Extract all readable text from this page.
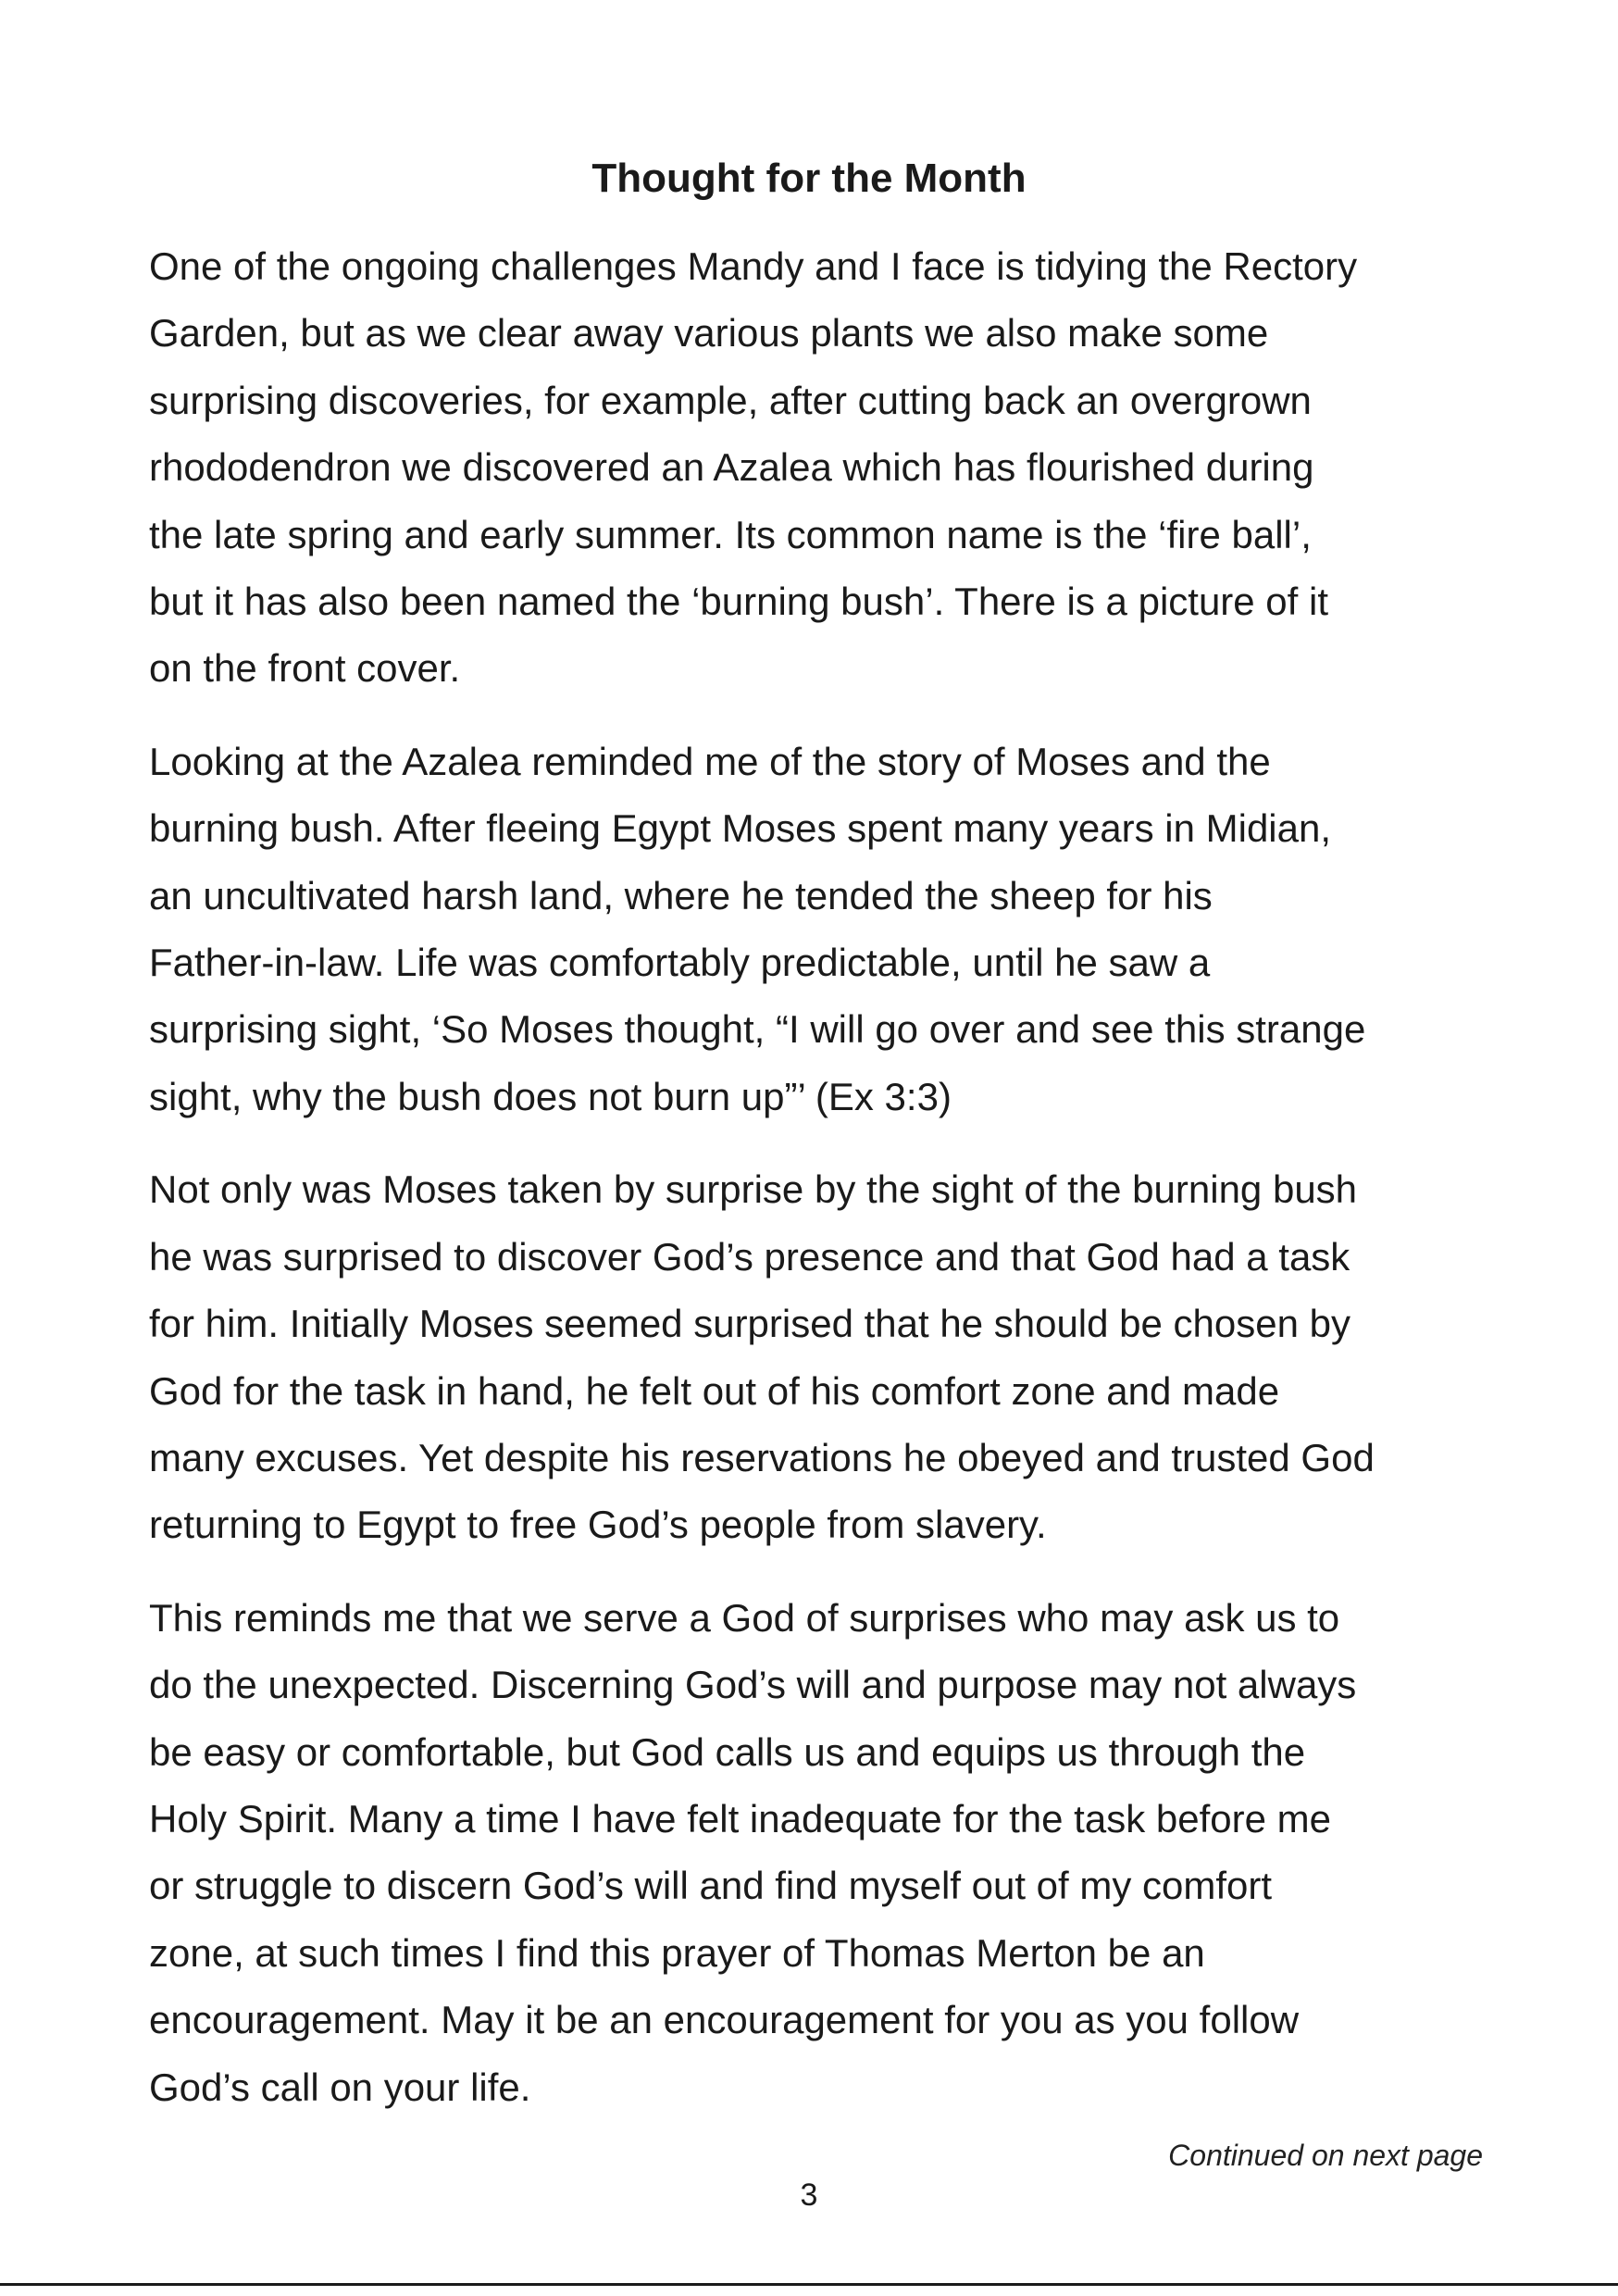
Thought for the Month

One of the ongoing challenges Mandy and I face is tidying the Rectory
Garden, but as we clear away various plants we also make some
surprising discoveries, for example, after cutting back an overgrown
rhododendron we discovered an Azalea which has flourished during
the late spring and early summer. Its common name is the ‘fire ball’,
but it has also been named the ‘burning bush’. There is a picture of it
on the front cover.

Looking at the Azalea reminded me of the story of Moses and the
burning bush. After fleeing Egypt Moses spent many years in Midian,
an uncultivated harsh land, where he tended the sheep for his
Father-in-law. Life was comfortably predictable, until he saw a
surprising sight, ‘So Moses thought, “I will go over and see this strange
sight, why the bush does not burn up”’ (Ex 3:3)

Not only was Moses taken by surprise by the sight of the burning bush
he was surprised to discover God’s presence and that God had a task
for him. Initially Moses seemed surprised that he should be chosen by
God for the task in hand, he felt out of his comfort zone and made
many excuses. Yet despite his reservations he obeyed and trusted God
returning to Egypt to free God’s people from slavery.

This reminds me that we serve a God of surprises who may ask us to
do the unexpected. Discerning God’s will and purpose may not always
be easy or comfortable, but God calls us and equips us through the
Holy Spirit. Many a time I have felt inadequate for the task before me
or struggle to discern God’s will and find myself out of my comfort
zone, at such times I find this prayer of Thomas Merton be an
encouragement. May it be an encouragement for you as you follow
God’s call on your life.

Continued on next page
3
